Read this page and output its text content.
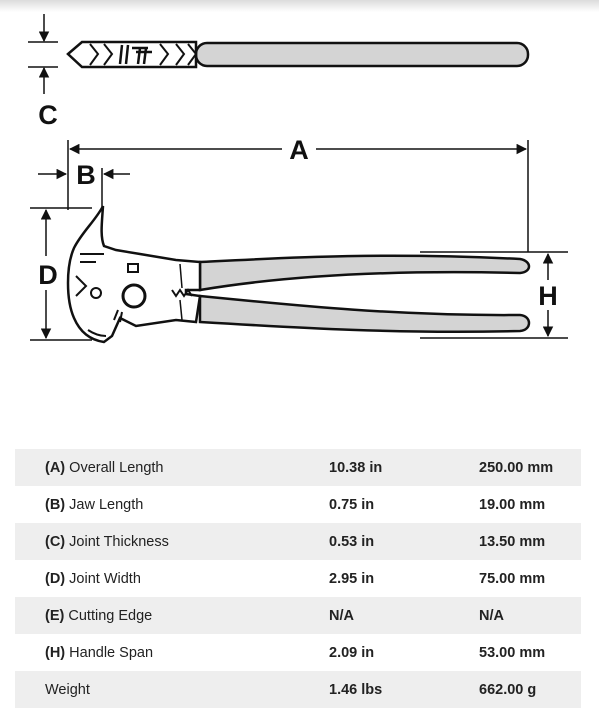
C
A
B
D
H
(A) Overall Length	10.38 in	250.00 mm
(B) Jaw Length	0.75 in	19.00 mm
(C) Joint Thickness	0.53 in	13.50 mm
(D) Joint Width	2.95 in	75.00 mm
(E) Cutting Edge	N/A	N/A
(H) Handle Span	2.09 in	53.00 mm
Weight	1.46 lbs	662.00 g
